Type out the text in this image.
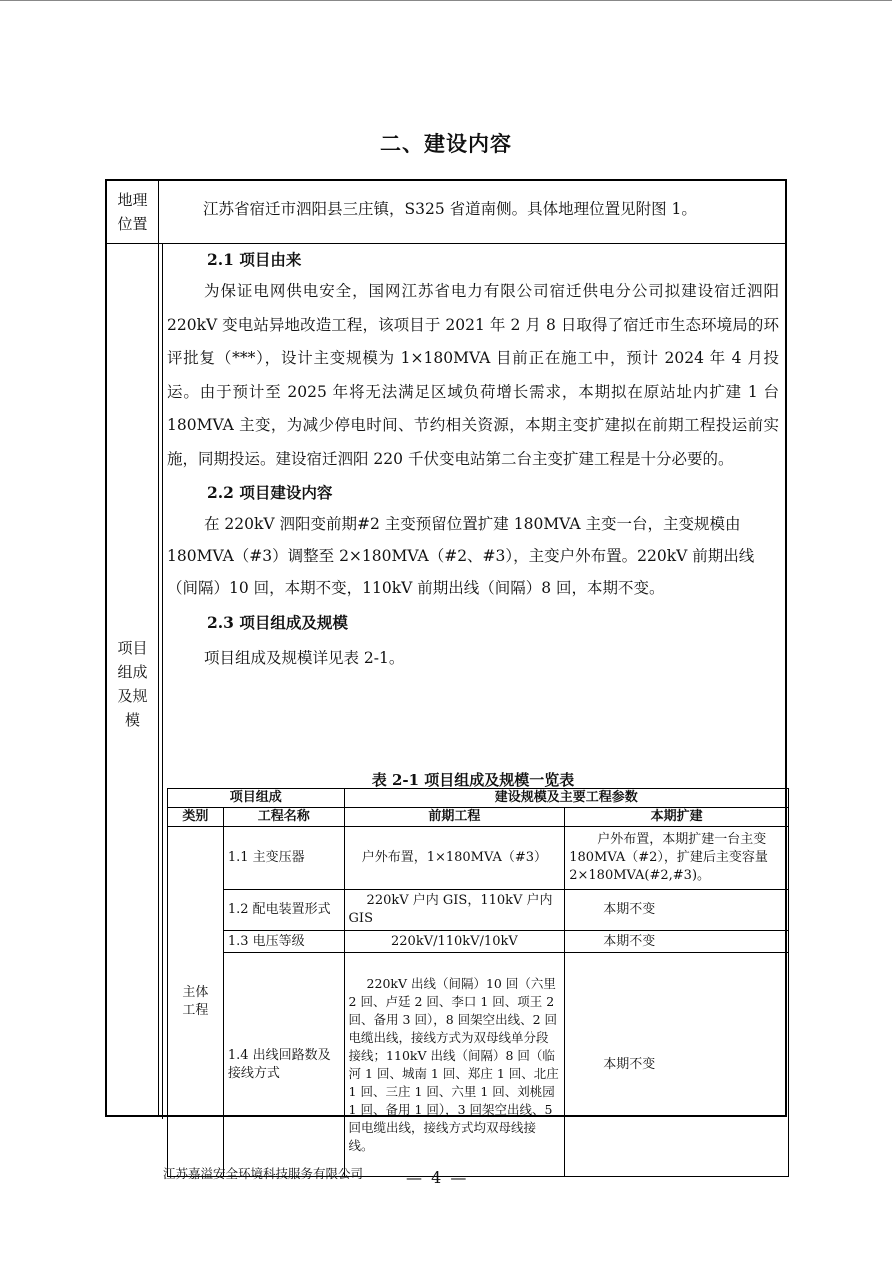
二、建设内容
地理
位置
江苏省宿迁市泗阳县三庄镇，S325 省道南侧。具体地理位置见附图 1。
项目
组成
及规
模
2.1 项目由来

为保证电网供电安全，国网江苏省电力有限公司宿迁供电分公司拟建设宿迁泗阳 220kV 变电站异地改造工程，该项目于 2021 年 2 月 8 日取得了宿迁市生态环境局的环评批复（***），设计主变规模为 1×180MVA 目前正在施工中，预计 2024 年 4 月投运。由于预计至 2025 年将无法满足区域负荷增长需求，本期拟在原站址内扩建 1 台 180MVA 主变，为减少停电时间、节约相关资源，本期主变扩建拟在前期工程投运前实施，同期投运。建设宿迁泗阳 220 千伏变电站第二台主变扩建工程是十分必要的。

2.2 项目建设内容

在 220kV 泗阳变前期#2 主变预留位置扩建 180MVA 主变一台，主变规模由 180MVA（#3）调整至 2×180MVA（#2、#3），主变户外布置。220kV 前期出线（间隔）10 回，本期不变，110kV 前期出线（间隔）8 回，本期不变。

2.3 项目组成及规模

项目组成及规模详见表 2-1。

表 2-1 项目组成及规模一览表
项目组成		建设规模及主要工程参数	
类别	工程名称	前期工程	本期扩建

主体
工程	1.1 主变压器	户外布置，1×180MVA（#3）	户外布置，本期扩建一台主变 180MVA（#2），扩建后主变容量 2×180MVA(#2,#3)。
	1.2 配电装置形式	220kV 户内 GIS，110kV 户内 GIS	本期不变
	1.3 电压等级	220kV/110kV/10kV	本期不变
	1.4 出线回路数及接线方式	220kV 出线（间隔）10 回（六里 2 回、卢廷 2 回、李口 1 回、项王 2 回、备用 3 回），8 回架空出线、2 回电缆出线，接线方式为双母线单分段接线；110kV 出线（间隔）8 回（临河 1 回、城南 1 回、郑庄 1 回、北庄 1 回、三庄 1 回、六里 1 回、刘桃园 1 回、备用 1 回），3 回架空出线、5 回电缆出线，接线方式均双母线接线。	本期不变
江苏嘉溢安全环境科技服务有限公司	— 4 —
